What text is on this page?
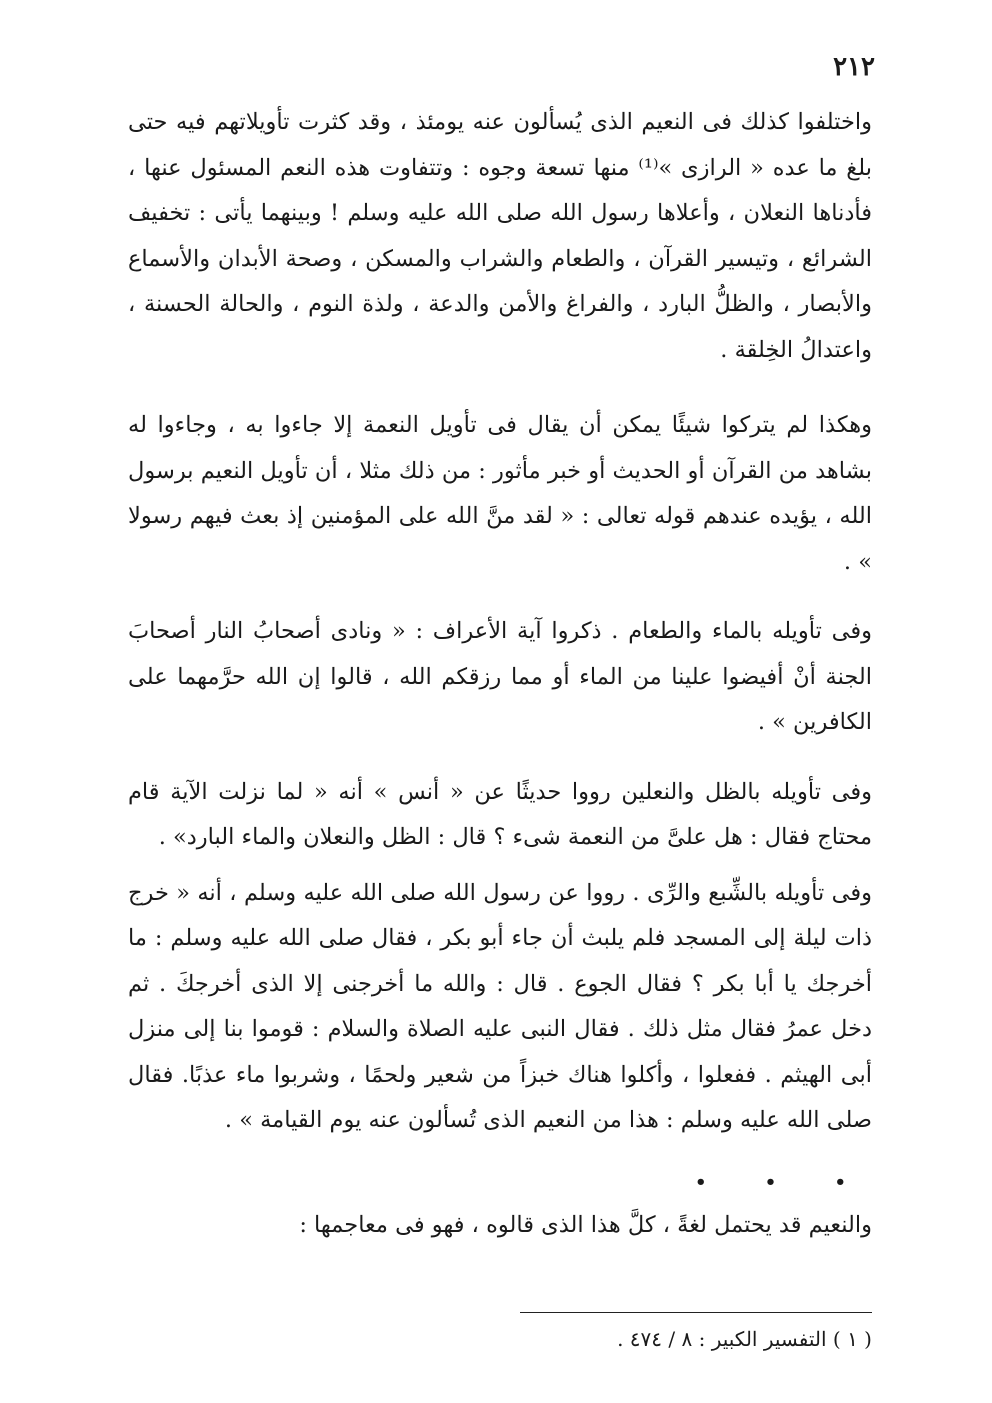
٢١٢

واختلفوا كذلك فى النعيم الذى يُسألون عنه يومئذ ، وقد كثرت تأويلاتهم فيه حتى بلغ ما عده « الرازى »⁽¹⁾ منها تسعة وجوه : وتتفاوت هذه النعم المسئول عنها ، فأدناها النعلان ، وأعلاها رسول الله صلى الله عليه وسلم ! وبينهما يأتى : تخفيف الشرائع ، وتيسير القرآن ، والطعام والشراب والمسكن ، وصحة الأبدان والأسماع والأبصار ، والظلُّ البارد ، والفراغ والأمن والدعة ، ولذة النوم ، والحالة الحسنة ، واعتدالُ الخِلقة .

وهكذا لم يتركوا شيئًا يمكن أن يقال فى تأويل النعمة إلا جاءوا به ، وجاءوا له بشاهد من القرآن أو الحديث أو خبر مأثور : من ذلك مثلا ، أن تأويل النعيم برسول الله ، يؤيده عندهم قوله تعالى : « لقد منَّ الله على المؤمنين إذ بعث فيهم رسولا » .

وفى تأويله بالماء والطعام . ذكروا آية الأعراف : « ونادى أصحابُ النار أصحابَ الجنة أنْ أفيضوا علينا من الماء أو مما رزقكم الله ، قالوا إن الله حرَّمهما على الكافرين » .

وفى تأويله بالظل والنعلين رووا حديثًا عن « أنس » أنه « لما نزلت الآية قام محتاج فقال : هل علىَّ من النعمة شىء ؟ قال : الظل والنعلان والماء البارد» .

وفى تأويله بالشِّبع والرِّى . رووا عن رسول الله صلى الله عليه وسلم ، أنه « خرج ذات ليلة إلى المسجد فلم يلبث أن جاء أبو بكر ، فقال صلى الله عليه وسلم : ما أخرجك يا أبا بكر ؟ فقال الجوع . قال : والله ما أخرجنى إلا الذى أخرجكَ . ثم دخل عمرُ فقال مثل ذلك . فقال النبى عليه الصلاة والسلام : قوموا بنا إلى منزل أبى الهيثم . ففعلوا ، وأكلوا هناك خبزاً من شعير ولحمًا ، وشربوا ماء عذبًا. فقال صلى الله عليه وسلم : هذا من النعيم الذى تُسألون عنه يوم القيامة » .

• • •

والنعيم قد يحتمل لغةً ، كلَّ هذا الذى قالوه ، فهو فى معاجمها :

( ١ ) التفسير الكبير : ٨ / ٤٧٤ .
